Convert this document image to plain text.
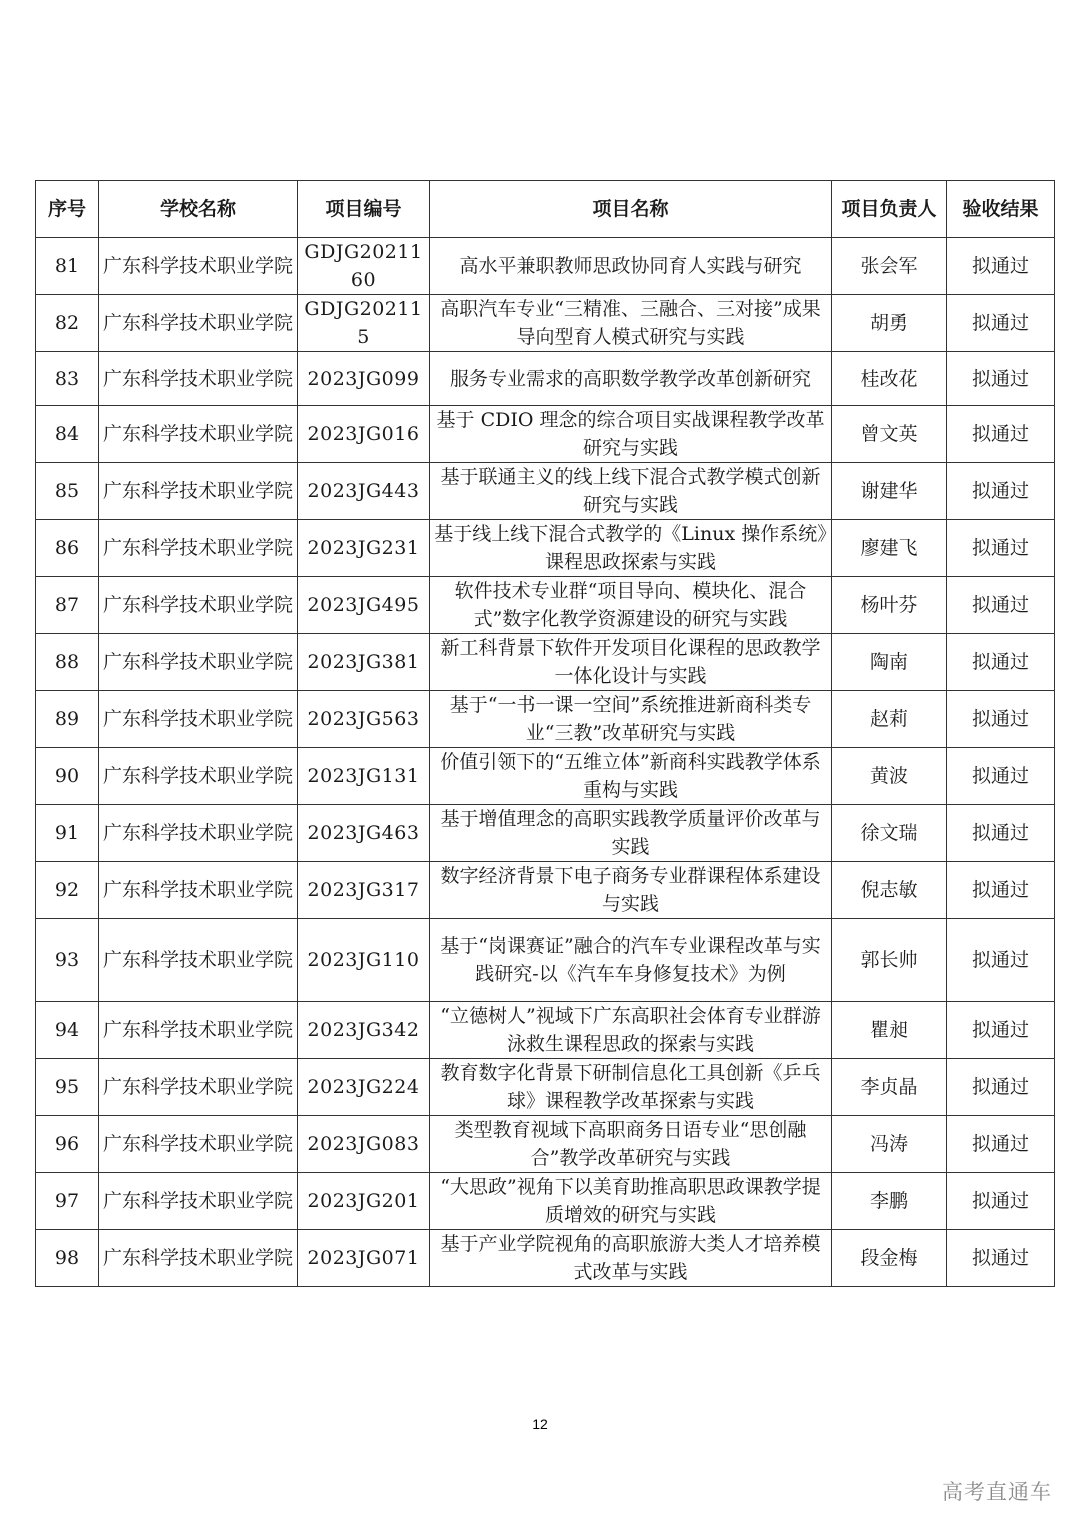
序号	学校名称	项目编号	项目名称	项目负责人	验收结果
81	广东科学技术职业学院	GDJG2021160	高水平兼职教师思政协同育人实践与研究	张会军	拟通过
82	广东科学技术职业学院	GDJG202115	高职汽车专业“三精准、三融合、三对接”成果导向型育人模式研究与实践	胡勇	拟通过
83	广东科学技术职业学院	2023JG099	服务专业需求的高职数学教学改革创新研究	桂改花	拟通过
84	广东科学技术职业学院	2023JG016	基于 CDIO 理念的综合项目实战课程教学改革研究与实践	曾文英	拟通过
85	广东科学技术职业学院	2023JG443	基于联通主义的线上线下混合式教学模式创新研究与实践	谢建华	拟通过
86	广东科学技术职业学院	2023JG231	基于线上线下混合式教学的《Linux 操作系统》课程思政探索与实践	廖建飞	拟通过
87	广东科学技术职业学院	2023JG495	软件技术专业群“项目导向、模块化、混合式”数字化教学资源建设的研究与实践	杨叶芬	拟通过
88	广东科学技术职业学院	2023JG381	新工科背景下软件开发项目化课程的思政教学一体化设计与实践	陶南	拟通过
89	广东科学技术职业学院	2023JG563	基于“一书一课一空间”系统推进新商科类专业“三教”改革研究与实践	赵莉	拟通过
90	广东科学技术职业学院	2023JG131	价值引领下的“五维立体”新商科实践教学体系重构与实践	黄波	拟通过
91	广东科学技术职业学院	2023JG463	基于增值理念的高职实践教学质量评价改革与实践	徐文瑞	拟通过
92	广东科学技术职业学院	2023JG317	数字经济背景下电子商务专业群课程体系建设与实践	倪志敏	拟通过
93	广东科学技术职业学院	2023JG110	基于“岗课赛证”融合的汽车专业课程改革与实践研究-以《汽车车身修复技术》为例	郭长帅	拟通过
94	广东科学技术职业学院	2023JG342	“立德树人”视域下广东高职社会体育专业群游泳救生课程思政的探索与实践	瞿昶	拟通过
95	广东科学技术职业学院	2023JG224	教育数字化背景下研制信息化工具创新《乒乓球》课程教学改革探索与实践	李贞晶	拟通过
96	广东科学技术职业学院	2023JG083	类型教育视域下高职商务日语专业“思创融合”教学改革研究与实践	冯涛	拟通过
97	广东科学技术职业学院	2023JG201	“大思政”视角下以美育助推高职思政课教学提质增效的研究与实践	李鹏	拟通过
98	广东科学技术职业学院	2023JG071	基于产业学院视角的高职旅游大类人才培养模式改革与实践	段金梅	拟通过
12
高考直通车
